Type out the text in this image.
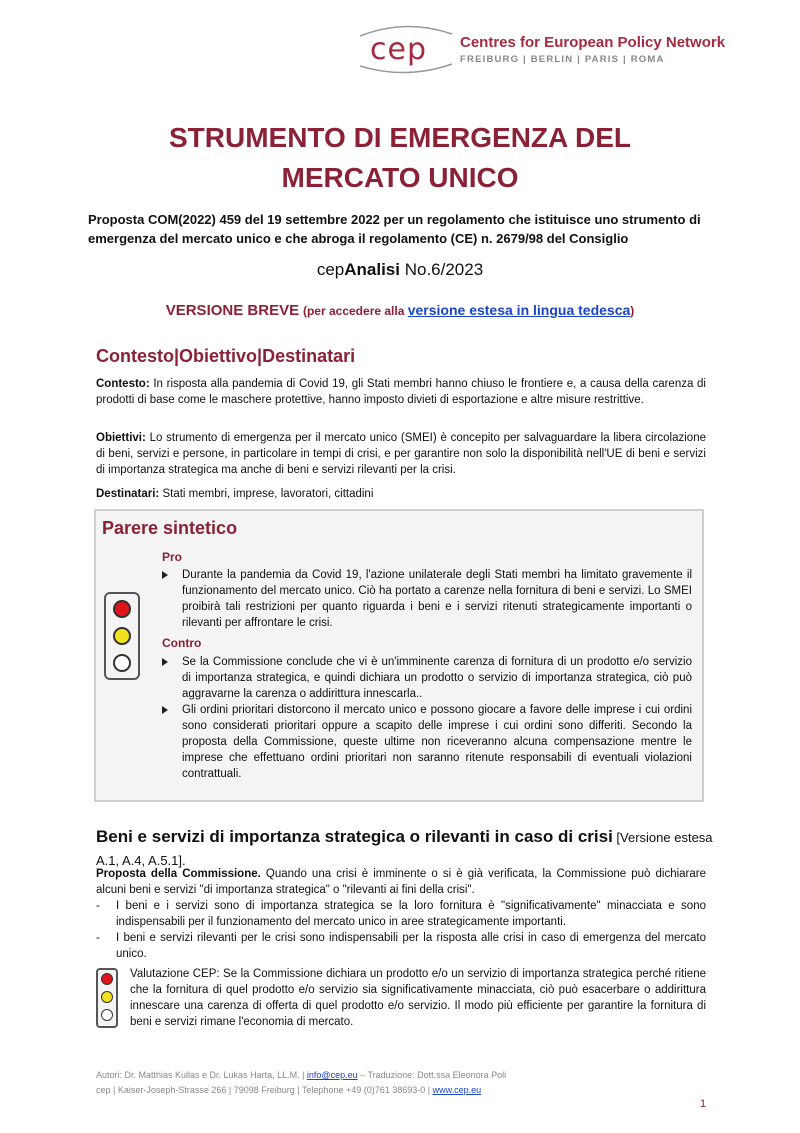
cep Centres for European Policy Network
FREIBURG | BERLIN | PARIS | ROMA
STRUMENTO DI EMERGENZA DEL
MERCATO UNICO
Proposta COM(2022) 459 del 19 settembre 2022 per un regolamento che istituisce uno strumento di emergenza del mercato unico e che abroga il regolamento (CE) n. 2679/98 del Consiglio
cepAnalisi No.6/2023
VERSIONE BREVE (per accedere alla versione estesa in lingua tedesca)
Contesto|Obiettivo|Destinatari
Contesto: In risposta alla pandemia di Covid 19, gli Stati membri hanno chiuso le frontiere e, a causa della carenza di prodotti di base come le maschere protettive, hanno imposto divieti di esportazione e altre misure restrittive.
Obiettivi: Lo strumento di emergenza per il mercato unico (SMEI) è concepito per salvaguardare la libera circolazione di beni, servizi e persone, in particolare in tempi di crisi, e per garantire non solo la disponibilità nell'UE di beni e servizi di importanza strategica ma anche di beni e servizi rilevanti per la crisi.
Destinatari: Stati membri, imprese, lavoratori, cittadini
Parere sintetico
Pro
Durante la pandemia da Covid 19, l'azione unilaterale degli Stati membri ha limitato gravemente il funzionamento del mercato unico. Ciò ha portato a carenze nella fornitura di beni e servizi. Lo SMEI proibirà tali restrizioni per quanto riguarda i beni e i servizi ritenuti strategicamente importanti o rilevanti per affrontare le crisi.
Contro
Se la Commissione conclude che vi è un'imminente carenza di fornitura di un prodotto e/o servizio di importanza strategica, e quindi dichiara un prodotto o servizio di importanza strategica, ciò può aggravarne la carenza o addirittura innescarla..
Gli ordini prioritari distorcono il mercato unico e possono giocare a favore delle imprese i cui ordini sono considerati prioritari oppure a scapito delle imprese i cui ordini sono differiti. Secondo la proposta della Commissione, queste ultime non riceveranno alcuna compensazione mentre le imprese che effettuano ordini prioritari non saranno ritenute responsabili di eventuali violazioni contrattuali.
Beni e servizi di importanza strategica o rilevanti in caso di crisi [Versione estesa A.1, A.4, A.5.1].
Proposta della Commissione. Quando una crisi è imminente o si è già verificata, la Commissione può dichiarare alcuni beni e servizi "di importanza strategica" o "rilevanti ai fini della crisi".
- I beni e i servizi sono di importanza strategica se la loro fornitura è "significativamente" minacciata e sono indispensabili per il funzionamento del mercato unico in aree strategicamente importanti.
- I beni e servizi rilevanti per le crisi sono indispensabili per la risposta alle crisi in caso di emergenza del mercato unico.
Valutazione CEP: Se la Commissione dichiara un prodotto e/o un servizio di importanza strategica perché ritiene che la fornitura di quel prodotto e/o servizio sia significativamente minacciata, ciò può esacerbare o addirittura innescare una carenza di offerta di quel prodotto e/o servizio. Il modo più efficiente per garantire la fornitura di beni e servizi rimane l'economia di mercato.
Autori: Dr. Matthias Kullas e Dr. Lukas Harta, LL.M. | info@cep.eu – Traduzione: Dott.ssa Eleonora Poli
cep | Kaiser-Joseph-Strasse 266 | 79098 Freiburg | Telephone +49 (0)761 38693-0 | www.cep.eu
1
